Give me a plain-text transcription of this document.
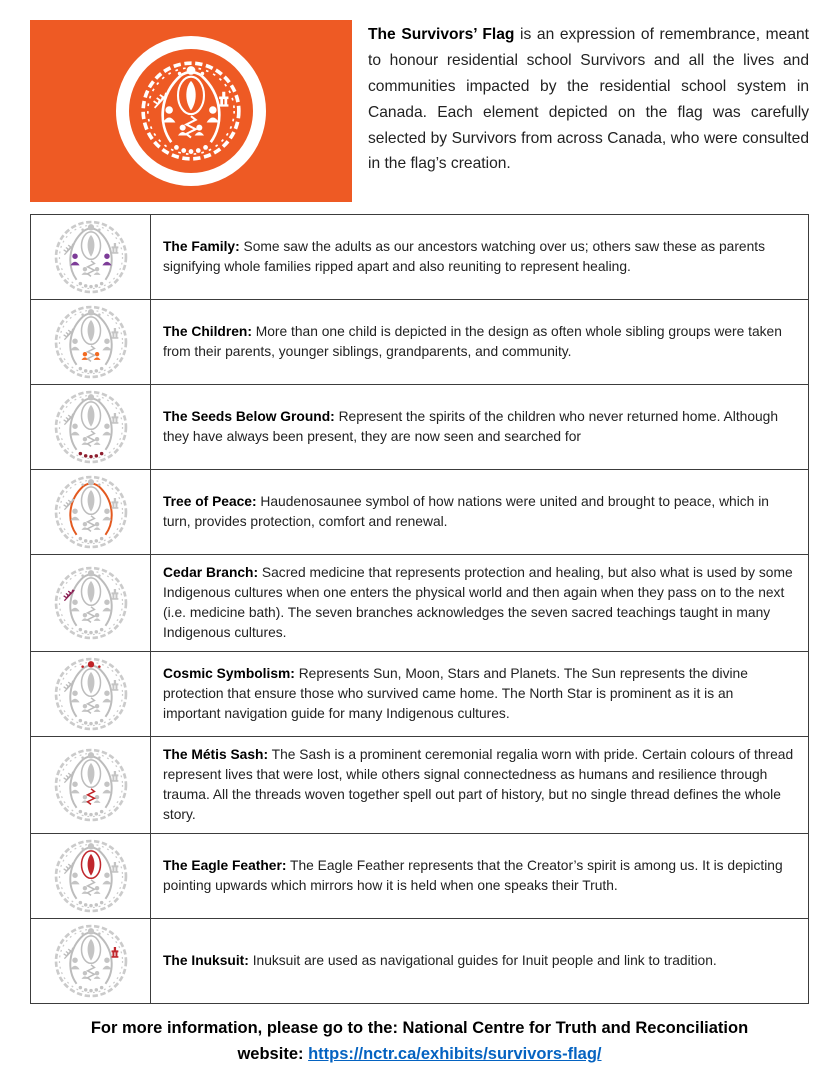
The Survivors’ Flag is an expression of remembrance, meant to honour residential school Survivors and all the lives and communities impacted by the residential school system in Canada. Each element depicted on the flag was carefully selected by Survivors from across Canada, who were consulted in the flag’s creation.

The Family: Some saw the adults as our ancestors watching over us; others saw these as parents signifying whole families ripped apart and also reuniting to represent healing.

The Children: More than one child is depicted in the design as often whole sibling groups were taken from their parents, younger siblings, grandparents, and community.

The Seeds Below Ground: Represent the spirits of the children who never returned home. Although they have always been present, they are now seen and searched for

Tree of Peace: Haudenosaunee symbol of how nations were united and brought to peace, which in turn, provides protection, comfort and renewal.

Cedar Branch: Sacred medicine that represents protection and healing, but also what is used by some Indigenous cultures when one enters the physical world and then again when they pass on to the next (i.e. medicine bath). The seven branches acknowledges the seven sacred teachings taught in many Indigenous cultures.

Cosmic Symbolism: Represents Sun, Moon, Stars and Planets. The Sun represents the divine protection that ensure those who survived came home. The North Star is prominent as it is an important navigation guide for many Indigenous cultures.

The Métis Sash: The Sash is a prominent ceremonial regalia worn with pride. Certain colours of thread represent lives that were lost, while others signal connectedness as humans and resilience through trauma. All the threads woven together spell out part of history, but no single thread defines the whole story.

The Eagle Feather: The Eagle Feather represents that the Creator’s spirit is among us. It is depicting pointing upwards which mirrors how it is held when one speaks their Truth.

The Inuksuit: Inuksuit are used as navigational guides for Inuit people and link to tradition.

For more information, please go to the: National Centre for Truth and Reconciliation
website: https://nctr.ca/exhibits/survivors-flag/
